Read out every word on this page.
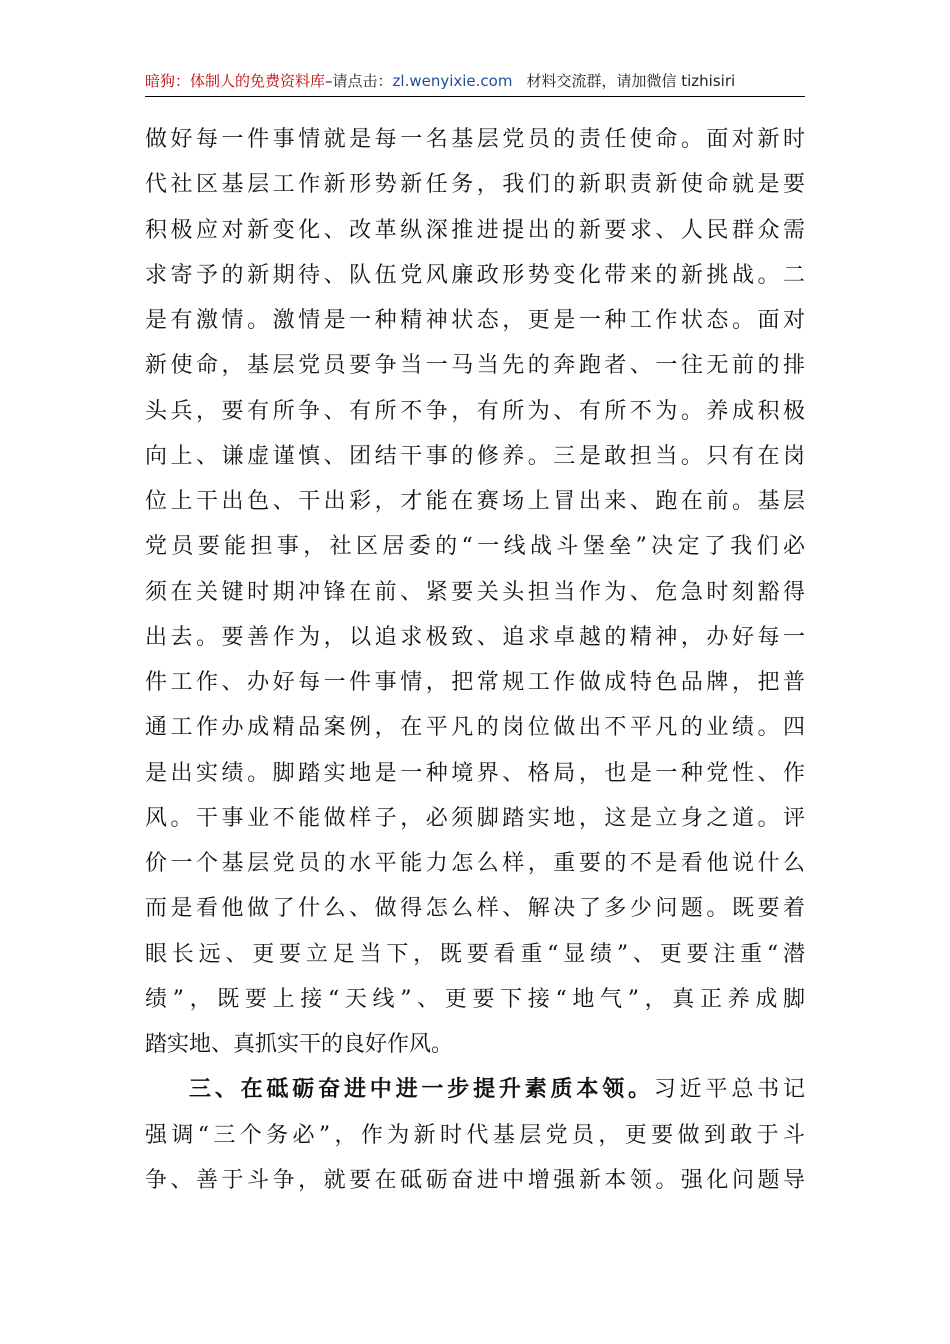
暗狗：体制人的免费资料库–请点击：zl.wenyixie.com 材料交流群，请加微信 tizhisiri
做好每一件事情就是每一名基层党员的责任使命。面对新时
代社区基层工作新形势新任务，我们的新职责新使命就是要
积极应对新变化、改革纵深推进提出的新要求、人民群众需
求寄予的新期待、队伍党风廉政形势变化带来的新挑战。二
是有激情。激情是一种精神状态，更是一种工作状态。面对
新使命，基层党员要争当一马当先的奔跑者、一往无前的排
头兵，要有所争、有所不争，有所为、有所不为。养成积极
向上、谦虚谨慎、团结干事的修养。三是敢担当。只有在岗
位上干出色、干出彩，才能在赛场上冒出来、跑在前。基层
党员要能担事，社区居委的“一线战斗堡垒”决定了我们必
须在关键时期冲锋在前、紧要关头担当作为、危急时刻豁得
出去。要善作为，以追求极致、追求卓越的精神，办好每一
件工作、办好每一件事情，把常规工作做成特色品牌，把普
通工作办成精品案例，在平凡的岗位做出不平凡的业绩。四
是出实绩。脚踏实地是一种境界、格局，也是一种党性、作
风。干事业不能做样子，必须脚踏实地，这是立身之道。评
价一个基层党员的水平能力怎么样，重要的不是看他说什么
而是看他做了什么、做得怎么样、解决了多少问题。既要着
眼长远、更要立足当下，既要看重“显绩”、更要注重“潜
绩”，既要上接“天线”、更要下接“地气”，真正养成脚
踏实地、真抓实干的良好作风。
三、在砥砺奋进中进一步提升素质本领。习近平总书记
强调“三个务必”，作为新时代基层党员，更要做到敢于斗
争、善于斗争，就要在砥砺奋进中增强新本领。强化问题导
